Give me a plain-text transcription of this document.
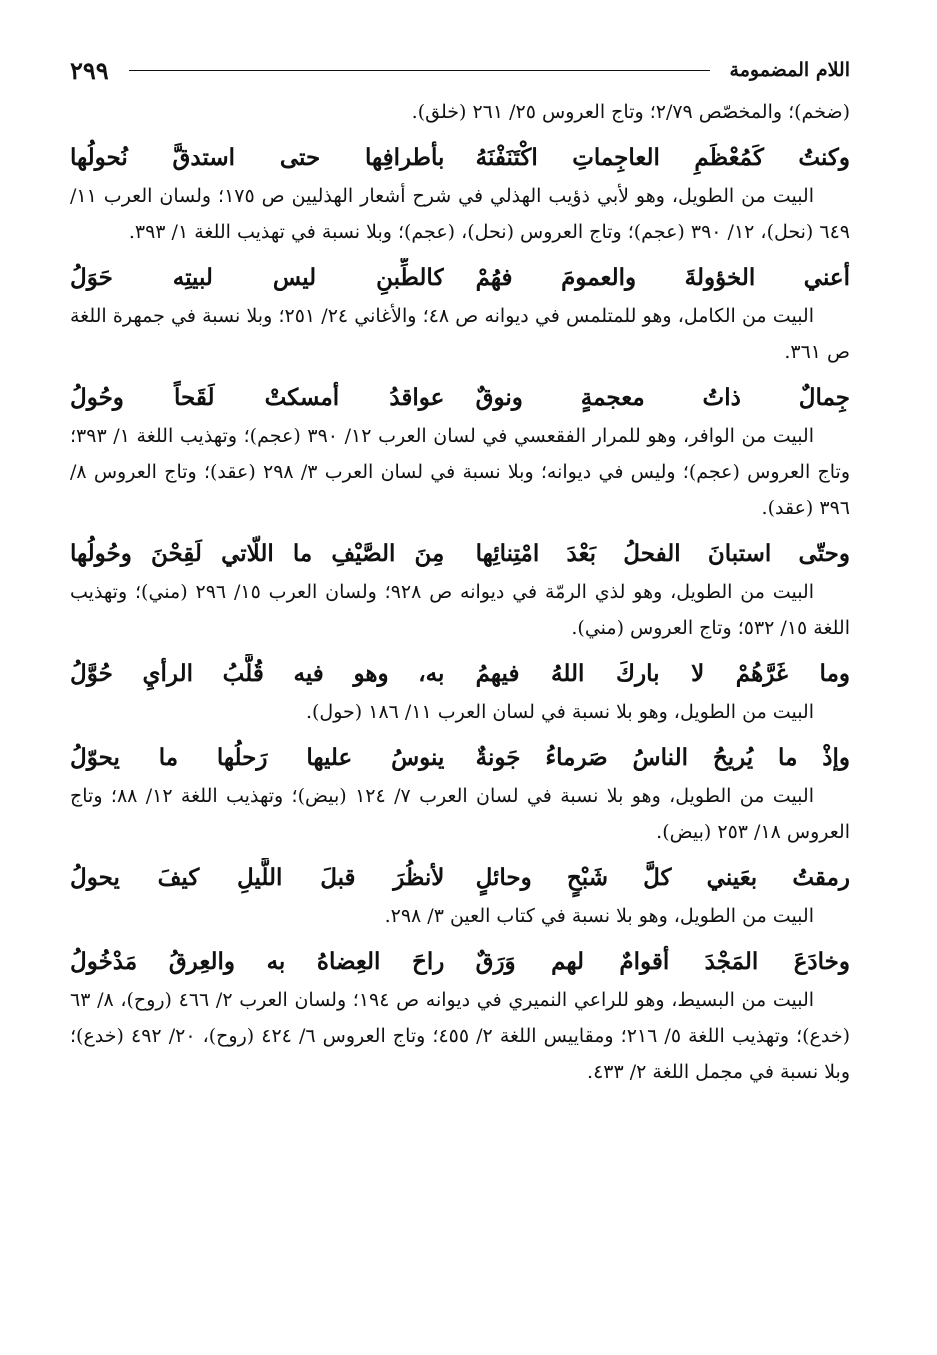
اللام المضمومة
٢٩٩

(ضخم)؛ والمخصّص ٢/٧٩؛ وتاج العروس ٢٥/ ٢٦١ (خلق).

وكنتُ كَمُعْظَمِ العاجِماتِ اكْتَنَفْنَهُ
بأطرافِها حتى استدقَّ نُحولُها

البيت من الطويل، وهو لأبي ذؤيب الهذلي في شرح أشعار الهذليين ص ١٧٥؛ ولسان العرب ١١/ ٦٤٩ (نحل)، ١٢/ ٣٩٠ (عجم)؛ وتاج العروس (نحل)، (عجم)؛ وبلا نسبة في تهذيب اللغة ١/ ٣٩٣.

أعني الخؤولةَ والعمومَ فهُمْ
كالطِّبنِ ليس لبيتِه حَوَلُ

البيت من الكامل، وهو للمتلمس في ديوانه ص ٤٨؛ والأغاني ٢٤/ ٢٥١؛ وبلا نسبة في جمهرة اللغة ص ٣٦١.

جِمالٌ ذاتُ معجمةٍ ونوقٌ
عواقدُ أمسكتْ لَقَحاً وحُولُ

البيت من الوافر، وهو للمرار الفقعسي في لسان العرب ١٢/ ٣٩٠ (عجم)؛ وتهذيب اللغة ١/ ٣٩٣؛ وتاج العروس (عجم)؛ وليس في ديوانه؛ وبلا نسبة في لسان العرب ٣/ ٢٩٨ (عقد)؛ وتاج العروس ٨/ ٣٩٦ (عقد).

وحتّى استبانَ الفحلُ بَعْدَ امْتِنائِها
مِنَ الصَّيْفِ ما اللّاتي لَقِحْنَ وحُولُها

البيت من الطويل، وهو لذي الرمّة في ديوانه ص ٩٢٨؛ ولسان العرب ١٥/ ٢٩٦ (مني)؛ وتهذيب اللغة ١٥/ ٥٣٢؛ وتاج العروس (مني).

وما غَرَّهُمْ لا باركَ اللهُ فيهمُ
به، وهو فيه قُلَّبُ الرأيِ حُوَّلُ

البيت من الطويل، وهو بلا نسبة في لسان العرب ١١/ ١٨٦ (حول).

وإذْ ما يُريحُ الناسُ صَرماءُ جَونةٌ
ينوسُ عليها رَحلُها ما يحوّلُ

البيت من الطويل، وهو بلا نسبة في لسان العرب ٧/ ١٢٤ (بيض)؛ وتهذيب اللغة ١٢/ ٨٨؛ وتاج العروس ١٨/ ٢٥٣ (بيض).

رمقتُ بعَيني كلَّ شَبْحٍ وحائلٍ
لأنظُرَ قبلَ اللَّيلِ كيفَ يحولُ

البيت من الطويل، وهو بلا نسبة في كتاب العين ٣/ ٢٩٨.

وخادَعَ المَجْدَ أقوامٌ لهم وَرَقٌ
راحَ العِضاهُ به والعِرقُ مَدْخُولُ

البيت من البسيط، وهو للراعي النميري في ديوانه ص ١٩٤؛ ولسان العرب ٢/ ٤٦٦ (روح)، ٨/ ٦٣ (خدع)؛ وتهذيب اللغة ٥/ ٢١٦؛ ومقاييس اللغة ٢/ ٤٥٥؛ وتاج العروس ٦/ ٤٢٤ (روح)، ٢٠/ ٤٩٢ (خدع)؛ وبلا نسبة في مجمل اللغة ٢/ ٤٣٣.
